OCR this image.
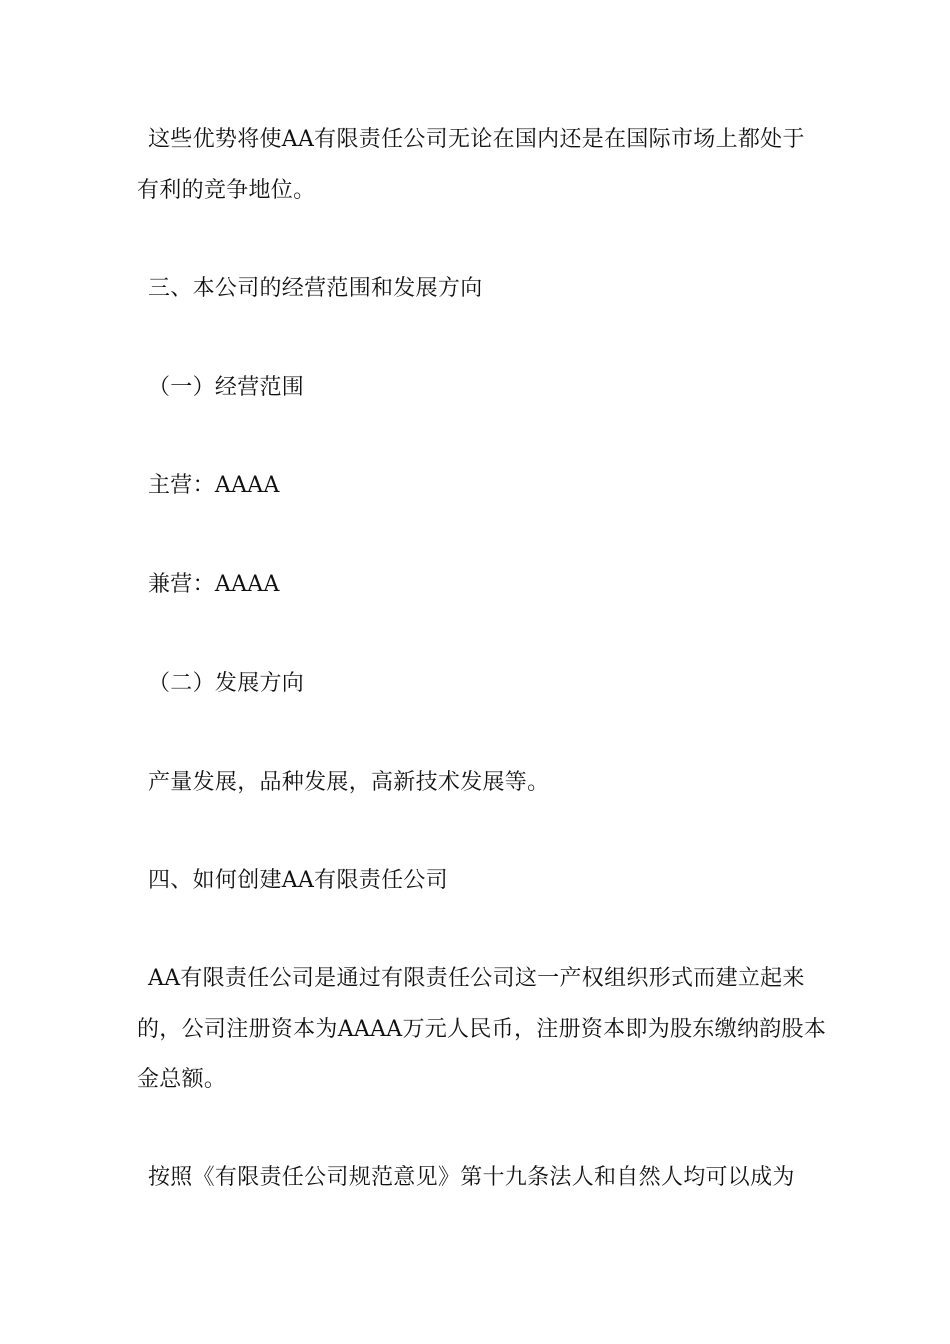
这些优势将使AA有限责任公司无论在国内还是在国际市场上都处于
有利的竞争地位。
三、本公司的经营范围和发展方向
（一）经营范围
主营：AAAA
兼营：AAAA
（二）发展方向
产量发展，品种发展，高新技术发展等。
四、如何创建AA有限责任公司
AA有限责任公司是通过有限责任公司这一产权组织形式而建立起来
的，公司注册资本为AAAA万元人民币，注册资本即为股东缴纳韵股本
金总额。
按照《有限责任公司规范意见》第十九条法人和自然人均可以成为
